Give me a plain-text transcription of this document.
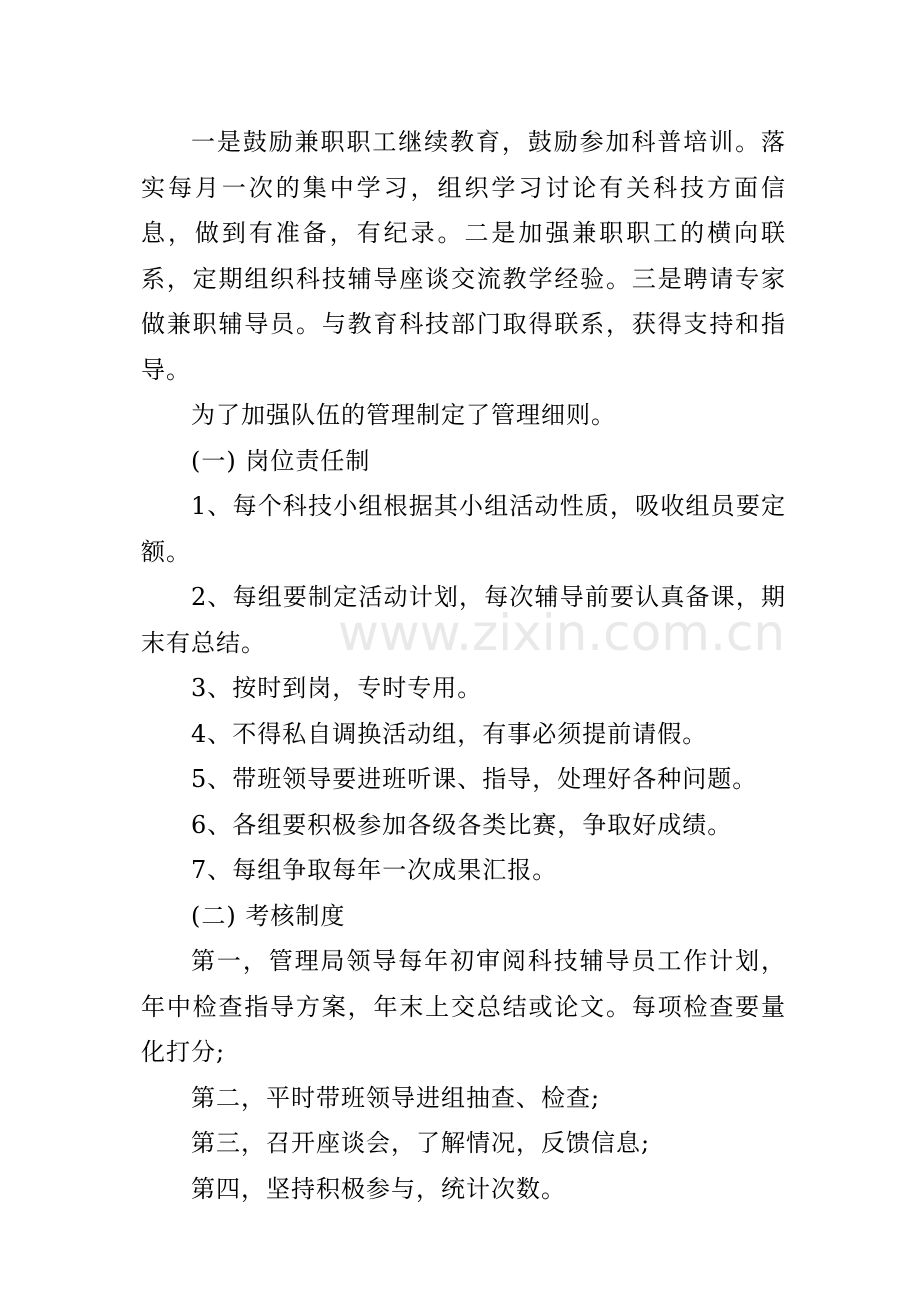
www.zixin.com.cn

一是鼓励兼职职工继续教育，鼓励参加科普培训。落实每月一次的集中学习，组织学习讨论有关科技方面信息，做到有准备，有纪录。二是加强兼职职工的横向联系，定期组织科技辅导座谈交流教学经验。三是聘请专家做兼职辅导员。与教育科技部门取得联系，获得支持和指导。

为了加强队伍的管理制定了管理细则。

(一) 岗位责任制

1、每个科技小组根据其小组活动性质，吸收组员要定额。

2、每组要制定活动计划，每次辅导前要认真备课，期末有总结。

3、按时到岗，专时专用。

4、不得私自调换活动组，有事必须提前请假。

5、带班领导要进班听课、指导，处理好各种问题。

6、各组要积极参加各级各类比赛，争取好成绩。

7、每组争取每年一次成果汇报。

(二) 考核制度

第一，管理局领导每年初审阅科技辅导员工作计划，年中检查指导方案，年末上交总结或论文。每项检查要量化打分;

第二，平时带班领导进组抽查、检查;

第三，召开座谈会，了解情况，反馈信息;

第四，坚持积极参与，统计次数。
